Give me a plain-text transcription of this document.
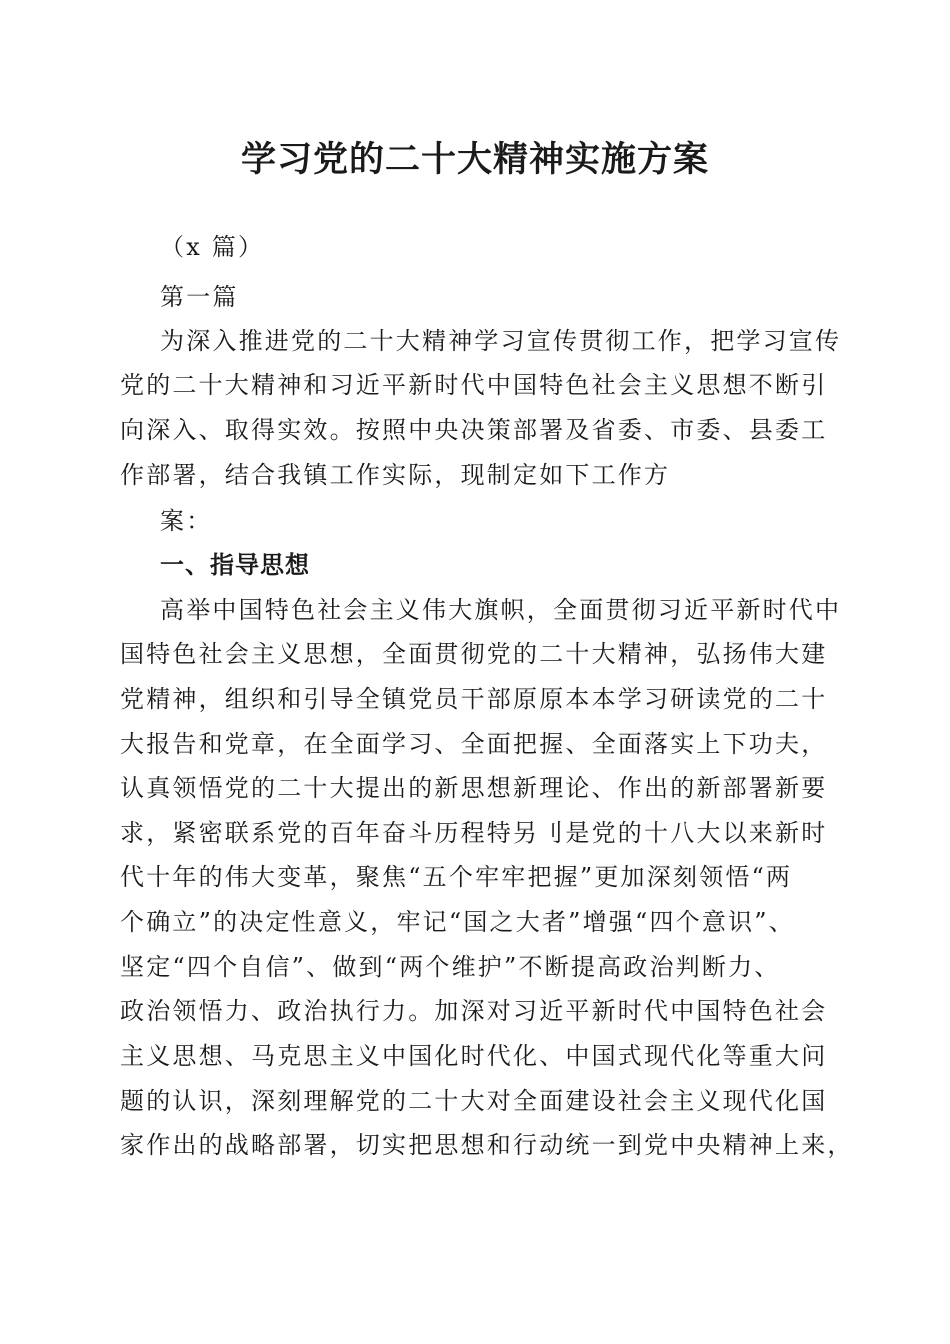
学习党的二十大精神实施方案
（x 篇）
第一篇
为深入推进党的二十大精神学习宣传贯彻工作，把学习宣传
党的二十大精神和习近平新时代中国特色社会主义思想不断引
向深入、取得实效。按照中央决策部署及省委、市委、县委工
作部署，结合我镇工作实际，现制定如下工作方
案：
一、指导思想
高举中国特色社会主义伟大旗帜，全面贯彻习近平新时代中
国特色社会主义思想，全面贯彻党的二十大精神，弘扬伟大建
党精神，组织和引导全镇党员干部原原本本学习研读党的二十
大报告和党章，在全面学习、全面把握、全面落实上下功夫，
认真领悟党的二十大提出的新思想新理论、作出的新部署新要
求，紧密联系党的百年奋斗历程特另刂是党的十八大以来新时
代十年的伟大变革，聚焦“五个牢牢把握”更加深刻领悟“两
个确立”的决定性意义，牢记“国之大者”增强“四个意识”、
坚定“四个自信”、做到“两个维护”不断提高政治判断力、
政治领悟力、政治执行力。加深对习近平新时代中国特色社会
主义思想、马克思主义中国化时代化、中国式现代化等重大问
题的认识，深刻理解党的二十大对全面建设社会主义现代化国
家作出的战略部署，切实把思想和行动统一到党中央精神上来，
